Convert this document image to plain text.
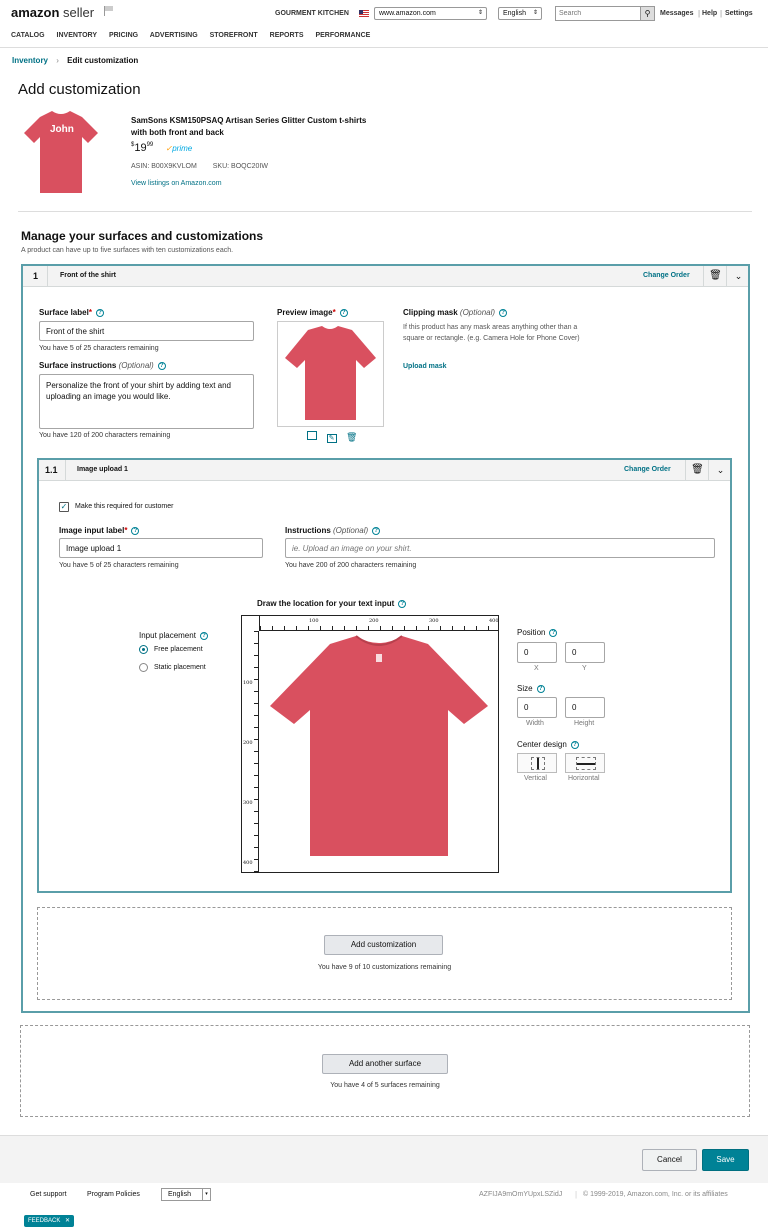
amazon seller	GOURMENT KITCHEN	www.amazon.com	⇕	English ⇕
Search	⚲	Messages | Help | Settings
CATALOG INVENTORY PRICING ADVERTISING STOREFRONT REPORTS PERFORMANCE
Inventory › Edit customization
Add customization
John
SamSons KSM150PSAQ Artisan Series Glitter Custom t-shirts with both front and back
$^{\$}19^{99}$ ✓prime
ASIN: B00X9KVLOM SKU: BOQC20IW
View listings on Amazon.com
Manage your surfaces and customizations
A product can have up to five surfaces with ten customizations each.
1	Front of the shirt	Change Order	🗑	⌄
Surface label* ?
Front of the shirt
You have 5 of 25 characters remaining
Surface instructions (Optional) ?
Personalize the front of your shirt by adding text and uploading an image you would like.
You have 120 of 200 characters remaining
Preview image* ?
✎ 🗑
Clipping mask (Optional) ?
If this product has any mask areas anything other than a square or rectangle. (e.g. Camera Hole for Phone Cover)
Upload mask
1.1	Image upload 1	Change Order	🗑	⌄
✓ Make this required for customer
Image input label* ?
Image upload 1
You have 5 of 25 characters remaining
Instructions (Optional) ?
ie. Upload an image on your shirt.
You have 200 of 200 characters remaining
Draw the location for your text input ?
Input placement ?
Free placement
Static placement
100	200	300	400
100
200
300
400
Position ?
0
0
X	Y
Size ?
0
0
Width	Height
Center design ?
Vertical	Horizontal
Add customization
You have 9 of 10 customizations remaining
Add another surface
You have 4 of 5 surfaces remaining
Cancel	Save
Get support	Program Policies	English	▾	AZFIJA9mOmYUpxLSZidJ | © 1999-2019, Amazon.com, Inc. or its affiliates
FEEDBACK ✕
